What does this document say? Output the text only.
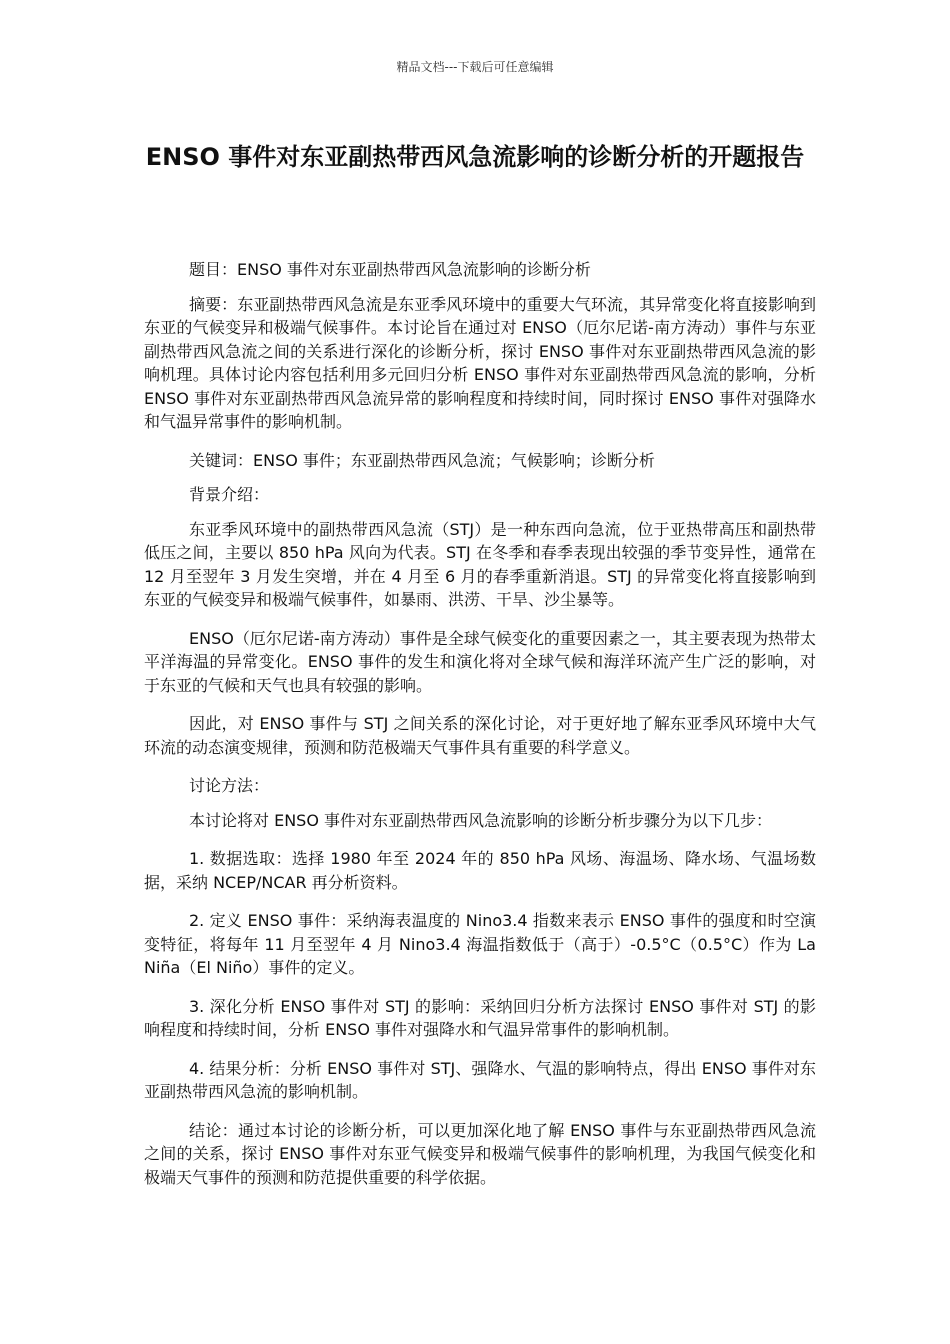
精品文档---下载后可任意编辑
ENSO 事件对东亚副热带西风急流影响的诊断分析的开题报告

题目：ENSO 事件对东亚副热带西风急流影响的诊断分析

摘要：东亚副热带西风急流是东亚季风环境中的重要大气环流，其异常变化将直接影响到东亚的气候变异和极端气候事件。本讨论旨在通过对 ENSO（厄尔尼诺-南方涛动）事件与东亚副热带西风急流之间的关系进行深化的诊断分析，探讨 ENSO 事件对东亚副热带西风急流的影响机理。具体讨论内容包括利用多元回归分析 ENSO 事件对东亚副热带西风急流的影响，分析 ENSO 事件对东亚副热带西风急流异常的影响程度和持续时间，同时探讨 ENSO 事件对强降水和气温异常事件的影响机制。

关键词：ENSO 事件；东亚副热带西风急流；气候影响；诊断分析

背景介绍：

东亚季风环境中的副热带西风急流（STJ）是一种东西向急流，位于亚热带高压和副热带低压之间，主要以 850 hPa 风向为代表。STJ 在冬季和春季表现出较强的季节变异性，通常在 12 月至翌年 3 月发生突增，并在 4 月至 6 月的春季重新消退。STJ 的异常变化将直接影响到东亚的气候变异和极端气候事件，如暴雨、洪涝、干旱、沙尘暴等。

ENSO（厄尔尼诺-南方涛动）事件是全球气候变化的重要因素之一，其主要表现为热带太平洋海温的异常变化。ENSO 事件的发生和演化将对全球气候和海洋环流产生广泛的影响，对于东亚的气候和天气也具有较强的影响。

因此，对 ENSO 事件与 STJ 之间关系的深化讨论，对于更好地了解东亚季风环境中大气环流的动态演变规律，预测和防范极端天气事件具有重要的科学意义。

讨论方法：

本讨论将对 ENSO 事件对东亚副热带西风急流影响的诊断分析步骤分为以下几步：

1. 数据选取：选择 1980 年至 2024 年的 850 hPa 风场、海温场、降水场、气温场数据，采纳 NCEP/NCAR 再分析资料。

2. 定义 ENSO 事件：采纳海表温度的 Nino3.4 指数来表示 ENSO 事件的强度和时空演变特征，将每年 11 月至翌年 4 月 Nino3.4 海温指数低于（高于）-0.5°C（0.5°C）作为 La Niña（El Niño）事件的定义。

3. 深化分析 ENSO 事件对 STJ 的影响：采纳回归分析方法探讨 ENSO 事件对 STJ 的影响程度和持续时间，分析 ENSO 事件对强降水和气温异常事件的影响机制。

4. 结果分析：分析 ENSO 事件对 STJ、强降水、气温的影响特点，得出 ENSO 事件对东亚副热带西风急流的影响机制。

结论：通过本讨论的诊断分析，可以更加深化地了解 ENSO 事件与东亚副热带西风急流之间的关系，探讨 ENSO 事件对东亚气候变异和极端气候事件的影响机理，为我国气候变化和极端天气事件的预测和防范提供重要的科学依据。
